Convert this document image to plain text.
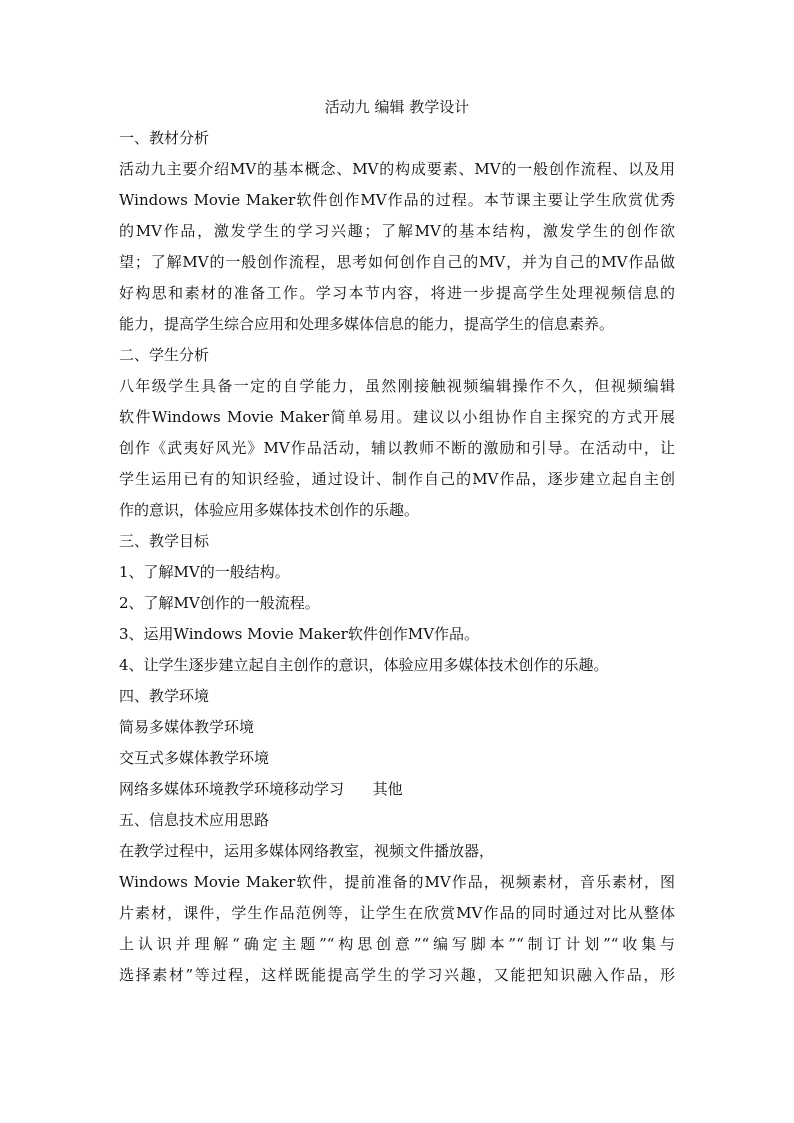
活动九 编辑 教学设计
一、教材分析
活动九主要介绍MV的基本概念、MV的构成要素、MV的一般创作流程、以及用
Windows Movie Maker软件创作MV作品的过程。本节课主要让学生欣赏优秀
的MV作品，激发学生的学习兴趣；了解MV的基本结构，激发学生的创作欲
望；了解MV的一般创作流程，思考如何创作自己的MV，并为自己的MV作品做
好构思和素材的准备工作。学习本节内容，将进一步提高学生处理视频信息的
能力，提高学生综合应用和处理多媒体信息的能力，提高学生的信息素养。
二、学生分析
八年级学生具备一定的自学能力，虽然刚接触视频编辑操作不久，但视频编辑
软件Windows Movie Maker简单易用。建议以小组协作自主探究的方式开展
创作《武夷好风光》MV作品活动，辅以教师不断的激励和引导。在活动中，让
学生运用已有的知识经验，通过设计、制作自己的MV作品，逐步建立起自主创
作的意识，体验应用多媒体技术创作的乐趣。
三、教学目标
1、了解MV的一般结构。
2、了解MV创作的一般流程。
3、运用Windows Movie Maker软件创作MV作品。
4、让学生逐步建立起自主创作的意识，体验应用多媒体技术创作的乐趣。
四、教学环境
简易多媒体教学环境
交互式多媒体教学环境
网络多媒体环境教学环境移动学习      其他
五、信息技术应用思路
在教学过程中，运用多媒体网络教室，视频文件播放器，
Windows Movie Maker软件，提前准备的MV作品，视频素材，音乐素材，图
片素材，课件，学生作品范例等，让学生在欣赏MV作品的同时通过对比从整体
上认识并理解“确定主题”“构思创意”“编写脚本”“制订计划”“收集与
选择素材”等过程，这样既能提高学生的学习兴趣，又能把知识融入作品，形
